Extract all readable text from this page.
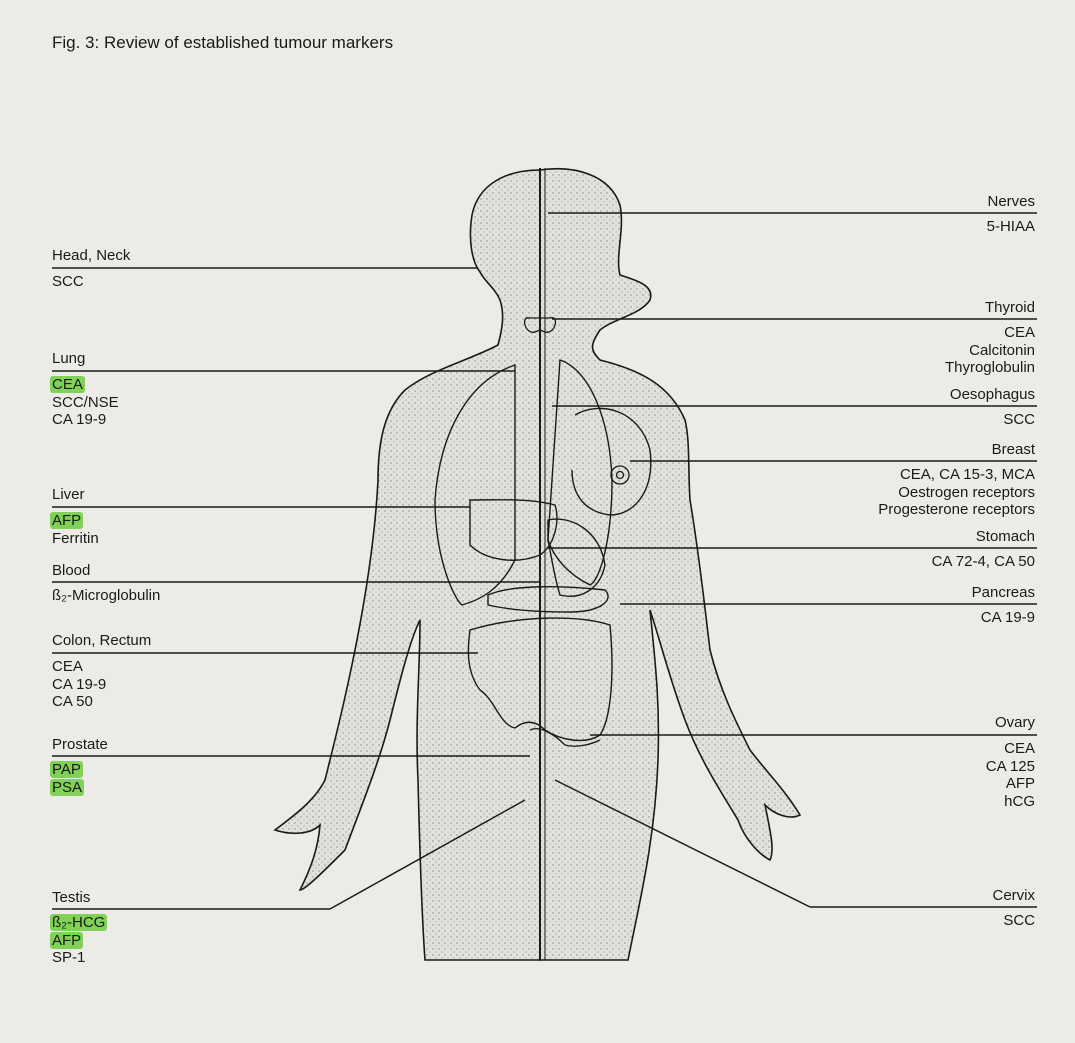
Fig. 3: Review of established tumour markers
Head, Neck
SCC
Lung
CEA
SCC/NSE
CA 19-9
Liver
AFP
Ferritin
Blood
ß₂-Microglobulin
Colon, Rectum
CEA
CA 19-9
CA 50
Prostate
PAP
PSA
Testis
ß₂-HCG
AFP
SP-1
Nerves
5-HIAA
Thyroid
CEA
Calcitonin
Thyroglobulin
Oesophagus
SCC
Breast
CEA, CA 15-3, MCA
Oestrogen receptors
Progesterone receptors
Stomach
CA 72-4, CA 50
Pancreas
CA 19-9
Ovary
CEA
CA 125
AFP
hCG
Cervix
SCC
